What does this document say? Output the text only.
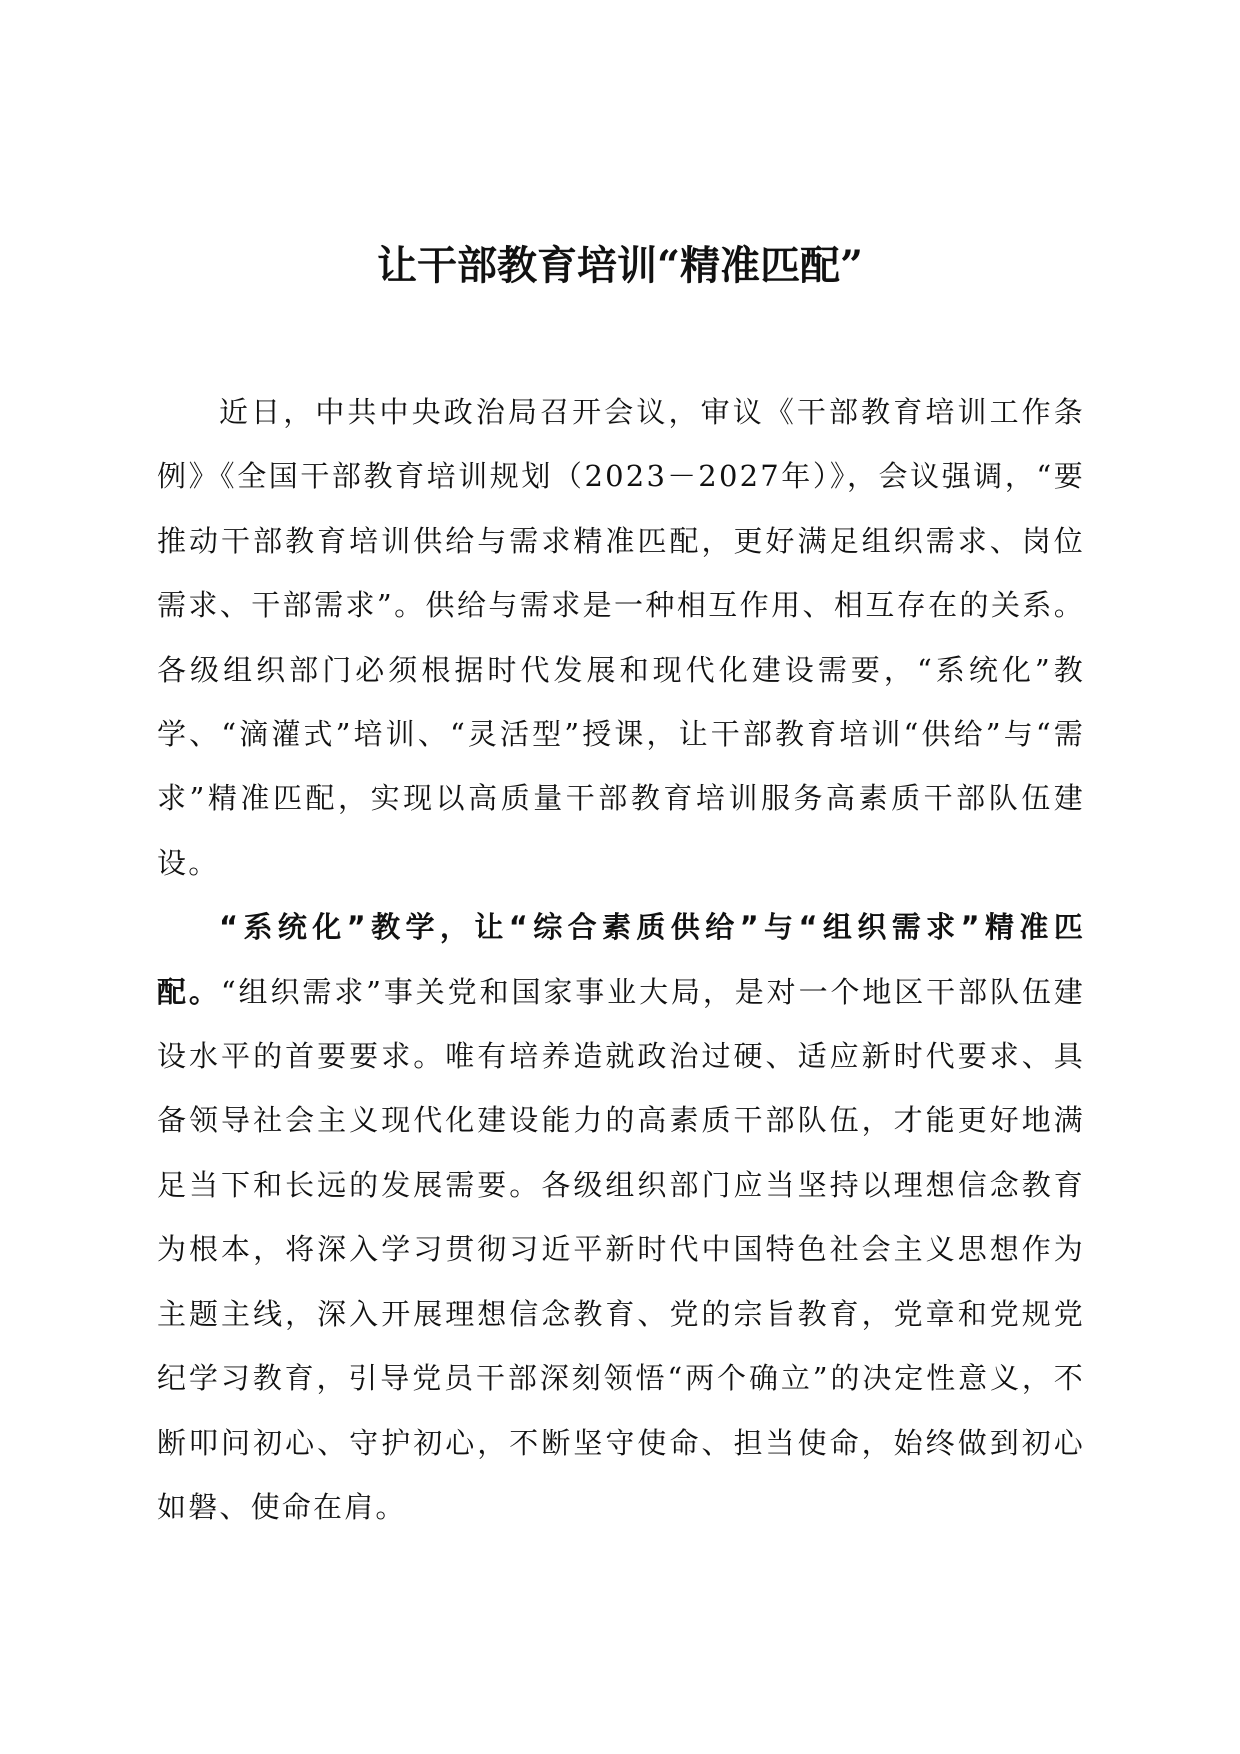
让干部教育培训“精准匹配”

近日，中共中央政治局召开会议，审议《干部教育培训工作条例》《全国干部教育培训规划（2023－2027年）》，会议强调，“要推动干部教育培训供给与需求精准匹配，更好满足组织需求、岗位需求、干部需求”。供给与需求是一种相互作用、相互存在的关系。各级组织部门必须根据时代发展和现代化建设需要，“系统化”教学、“滴灌式”培训、“灵活型”授课，让干部教育培训“供给”与“需求”精准匹配，实现以高质量干部教育培训服务高素质干部队伍建设。

“系统化”教学，让“综合素质供给”与“组织需求”精准匹配。“组织需求”事关党和国家事业大局，是对一个地区干部队伍建设水平的首要要求。唯有培养造就政治过硬、适应新时代要求、具备领导社会主义现代化建设能力的高素质干部队伍，才能更好地满足当下和长远的发展需要。各级组织部门应当坚持以理想信念教育为根本，将深入学习贯彻习近平新时代中国特色社会主义思想作为主题主线，深入开展理想信念教育、党的宗旨教育，党章和党规党纪学习教育，引导党员干部深刻领悟“两个确立”的决定性意义，不断叩问初心、守护初心，不断坚守使命、担当使命，始终做到初心如磐、使命在肩。
